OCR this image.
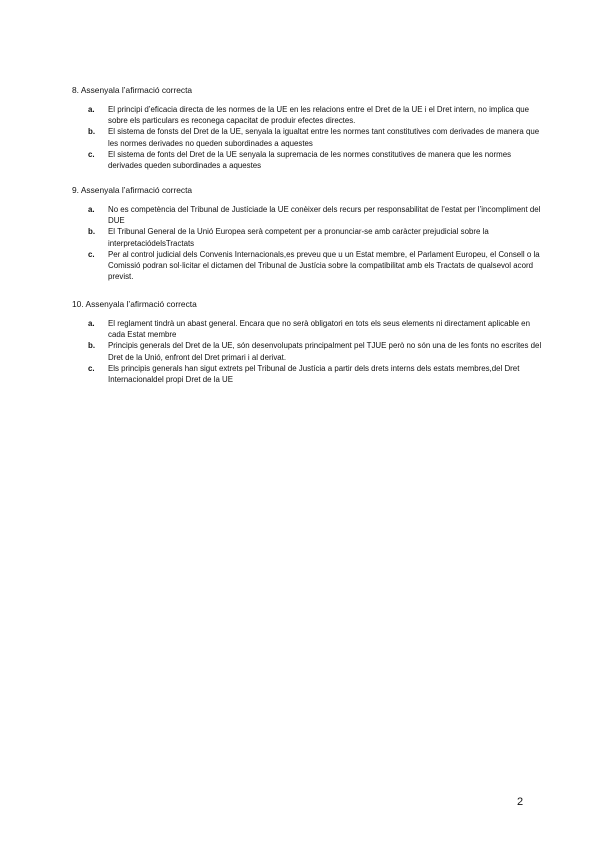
8. Assenyala l’afirmació correcta

a. El principi d’eficacia directa de les normes de la UE en les relacions entre el Dret de la UE i el Dret intern, no implica que sobre els particulars es reconega capacitat de produir efectes directes.
b. El sistema de fonsts del Dret de la UE, senyala la igualtat entre les normes tant constitutives com derivades de manera que les normes derivades no queden subordinades a aquestes
c. El sistema de fonts del Dret de la UE senyala la supremacia de les normes constitutives de manera que les normes derivades queden subordinades a aquestes

9. Assenyala l’afirmació correcta

a. No es competència del Tribunal de Justíciade la UE conèixer dels recurs per responsabilitat de l’estat per l’incompliment del DUE
b. El Tribunal General de la Unió Europea serà competent per a pronunciar-se amb caràcter prejudicial sobre la interpretaciódelsTractats
c. Per al control judicial dels Convenis Internacionals,es preveu que u un Estat membre, el Parlament Europeu, el Consell o la Comissió podran sol·licitar el dictamen del Tribunal de Justícia sobre la compatibilitat amb els Tractats de qualsevol acord previst.

10. Assenyala l’afirmació correcta

a. El reglament tindrà un abast general. Encara que no serà obligatori en tots els seus elements ni directament aplicable en cada Estat membre
b. Principis generals del Dret de la UE, són desenvolupats principalment pel TJUE però no són una de les fonts no escrites del Dret de la Unió, enfront del Dret primari i al derivat.
c. Els principis generals han sigut extrets pel Tribunal de Justícia a partir dels drets interns dels estats membres,del Dret Internacionaldel propi Dret de la UE
2
